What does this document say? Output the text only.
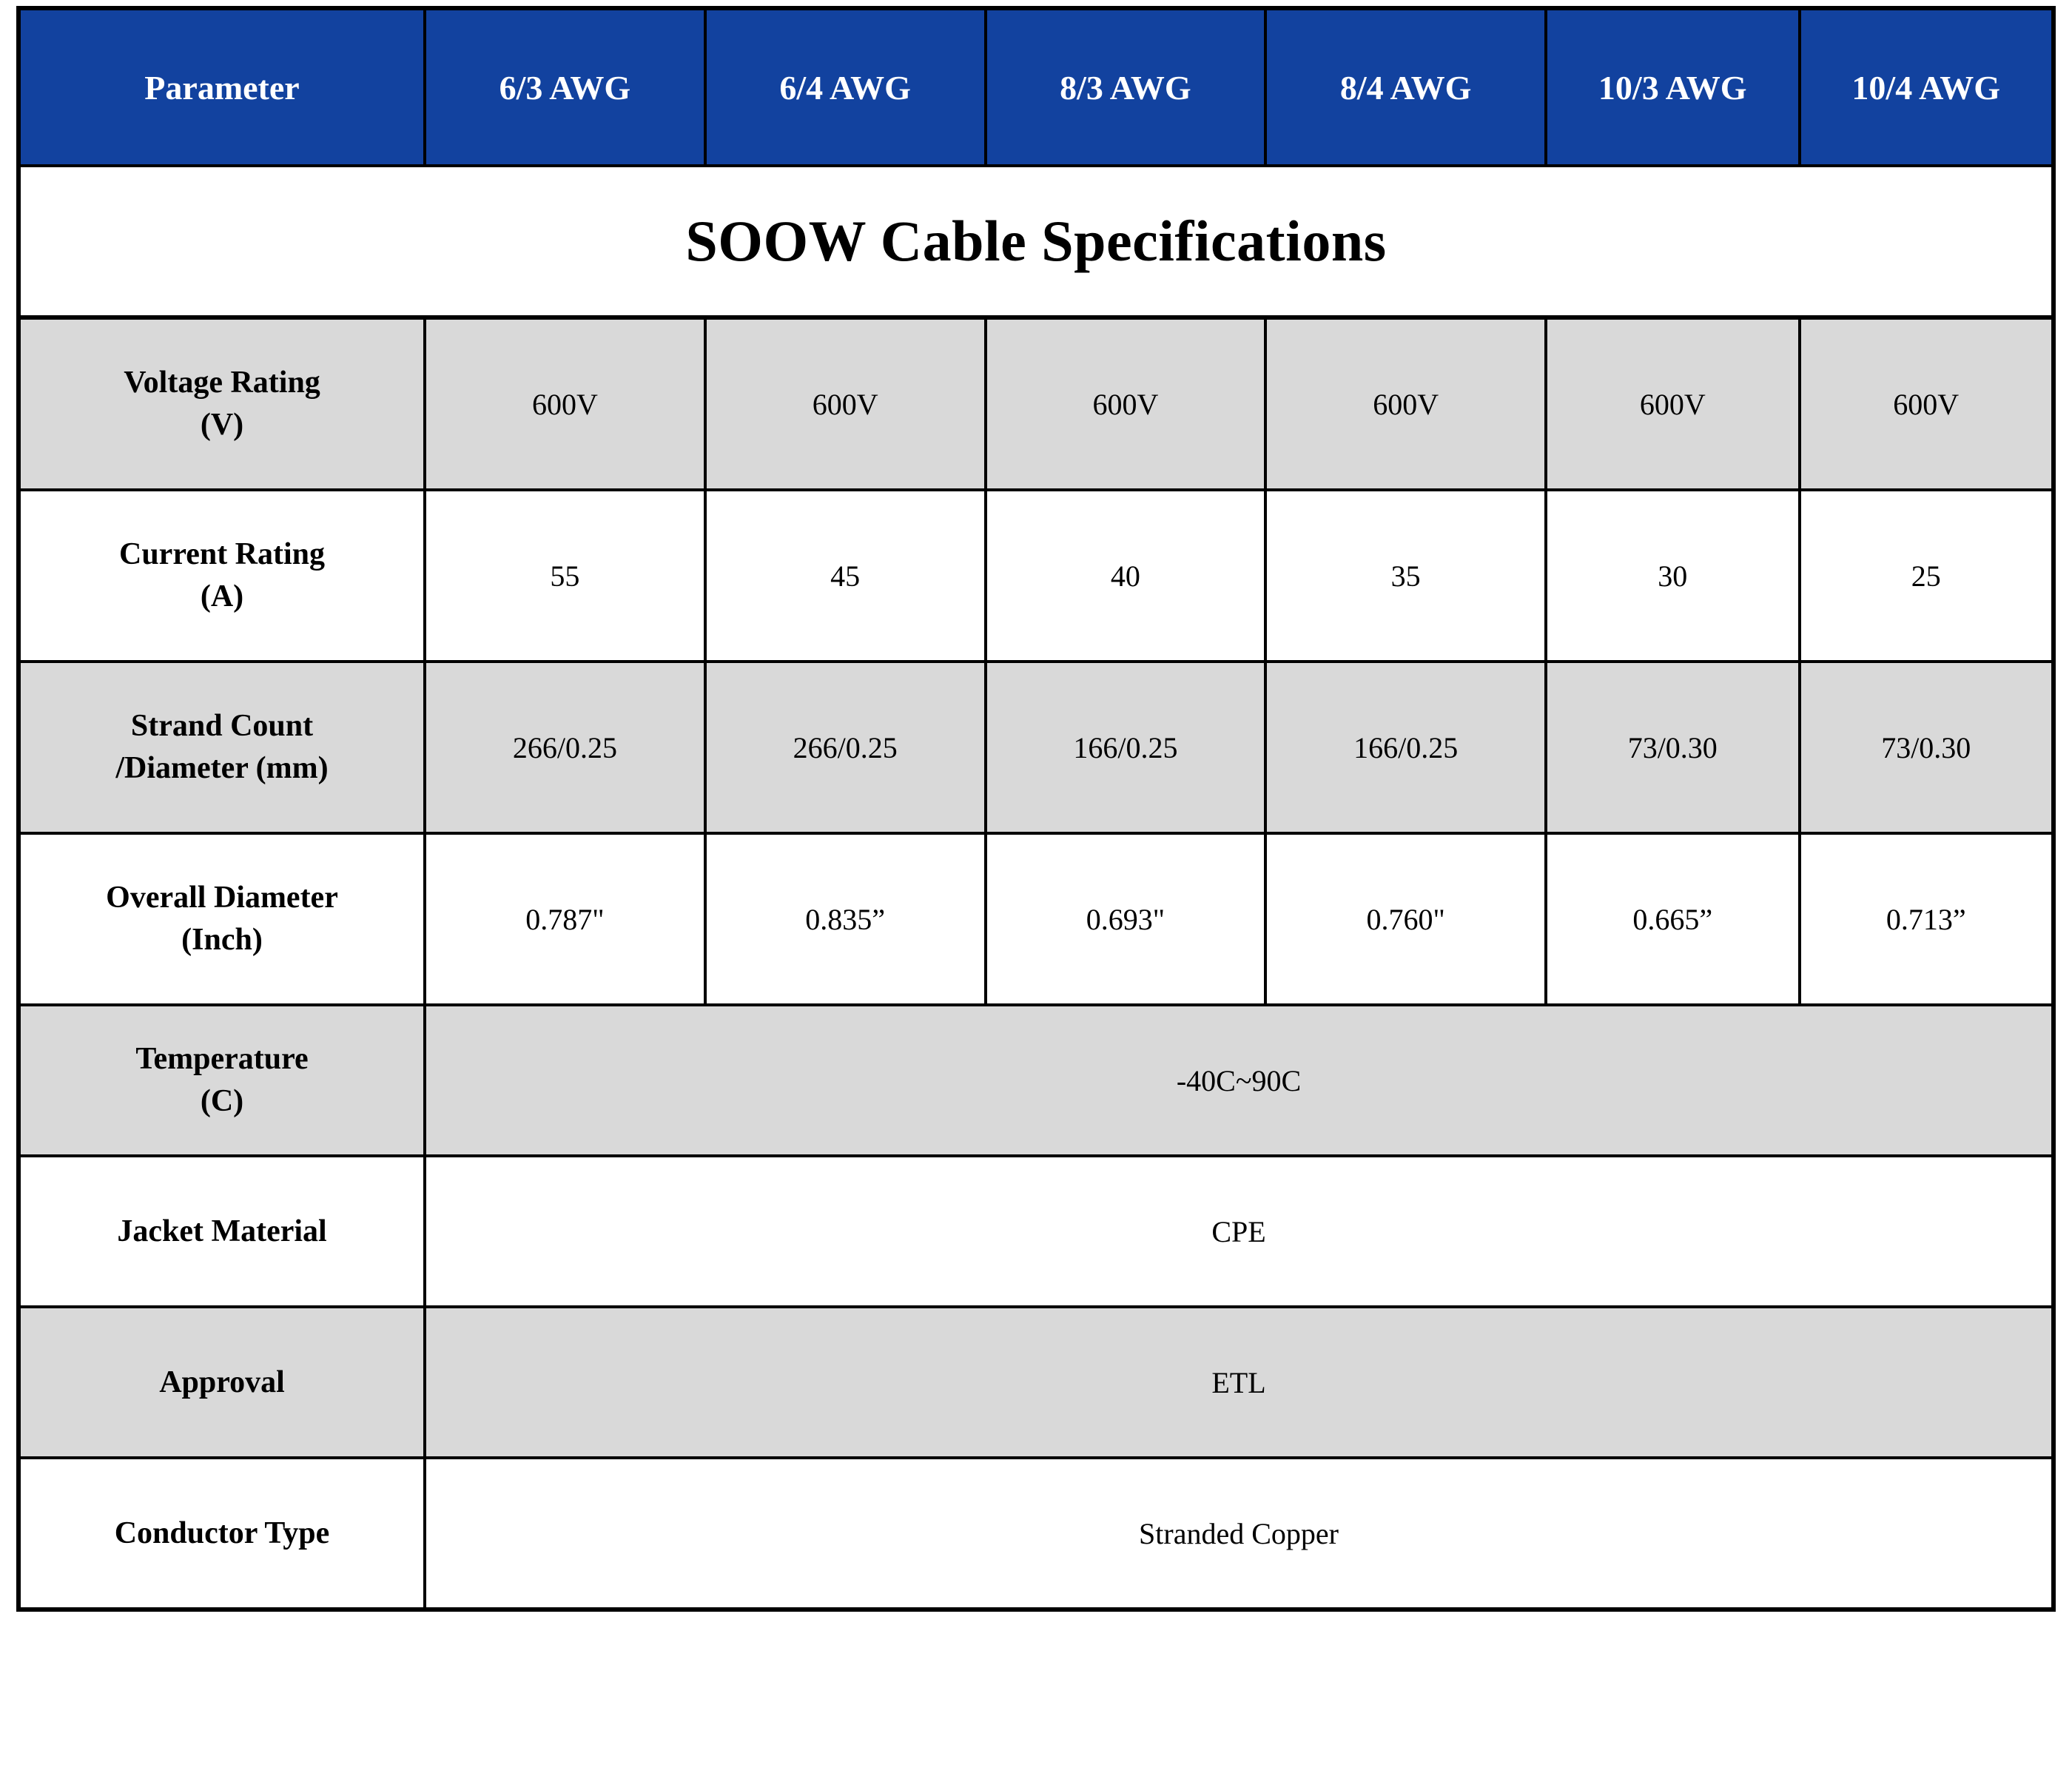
SOOW Cable Specifications						
Parameter	6/3 AWG	6/4 AWG	8/3 AWG	8/4 AWG	10/3 AWG	10/4 AWG

Voltage Rating
(V)	600V	600V	600V	600V	600V	600V

Current Rating
(A)	55	45	40	35	30	25

Strand Count
/Diameter (mm)	266/0.25	266/0.25	166/0.25	166/0.25	73/0.30	73/0.30

Overall Diameter
(Inch)	0.787"	0.835”	0.693"	0.760"	0.665”	0.713”

Temperature
(C)	-40C~90C					

Jacket Material	CPE					

Approval	ETL					

Conductor Type	Stranded Copper					
